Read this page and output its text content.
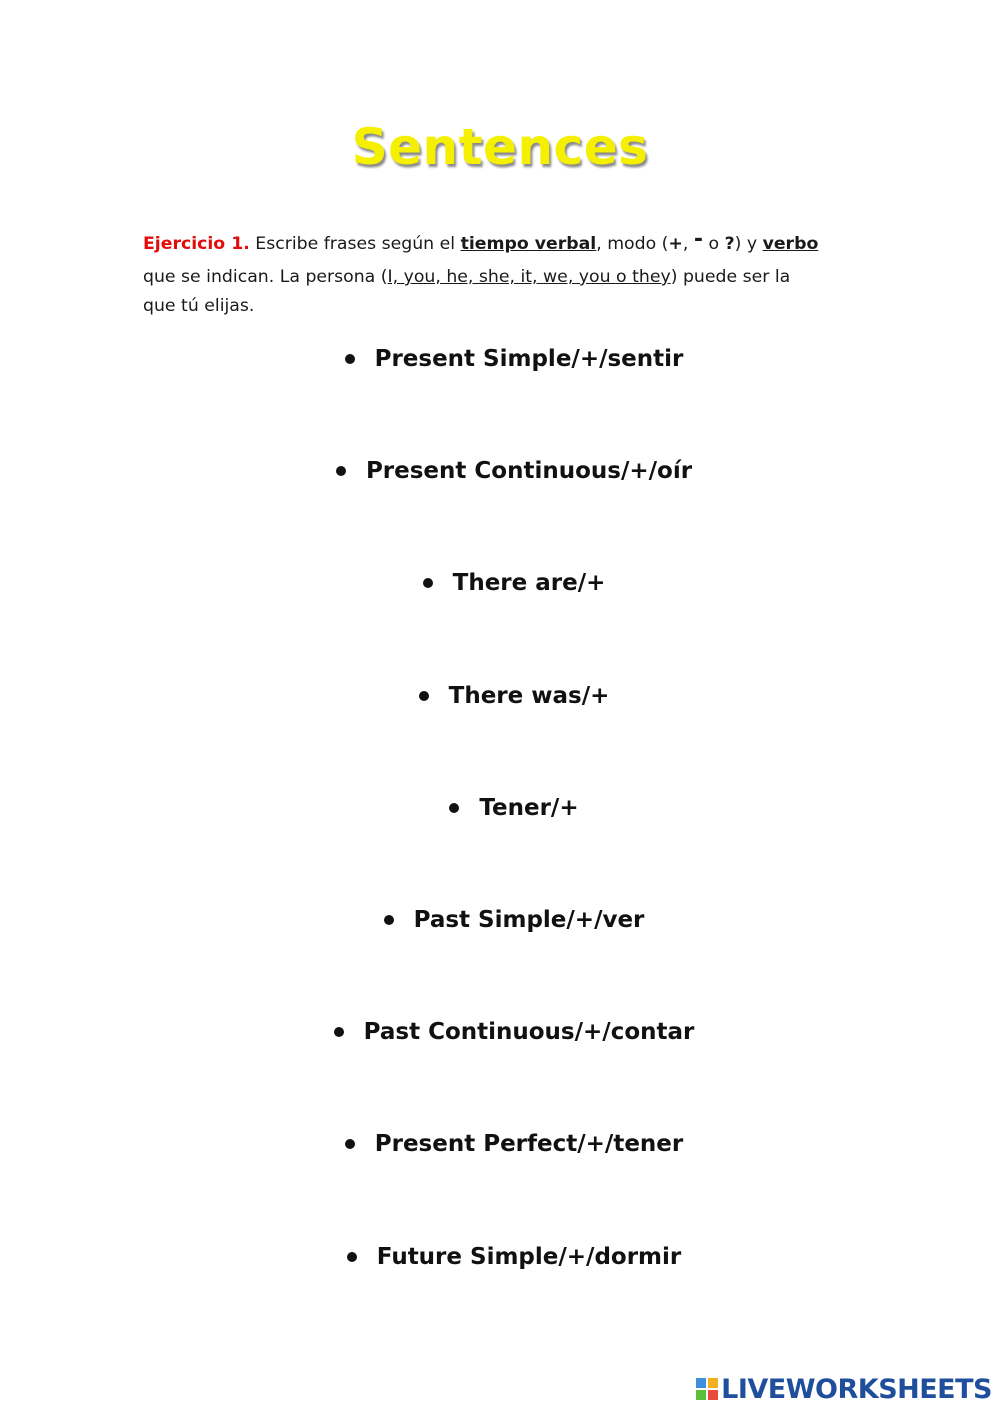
Sentences
Ejercicio 1. Escribe frases según el tiempo verbal, modo (+, - o ?) y verbo
que se indican. La persona (I, you, he, she, it, we, you o they) puede ser la
que tú elijas.
Present Simple/+/sentir
Present Continuous/+/oír
There are/+
There was/+
Tener/+
Past Simple/+/ver
Past Continuous/+/contar
Present Perfect/+/tener
Future Simple/+/dormir
LIVEWORKSHEETS
